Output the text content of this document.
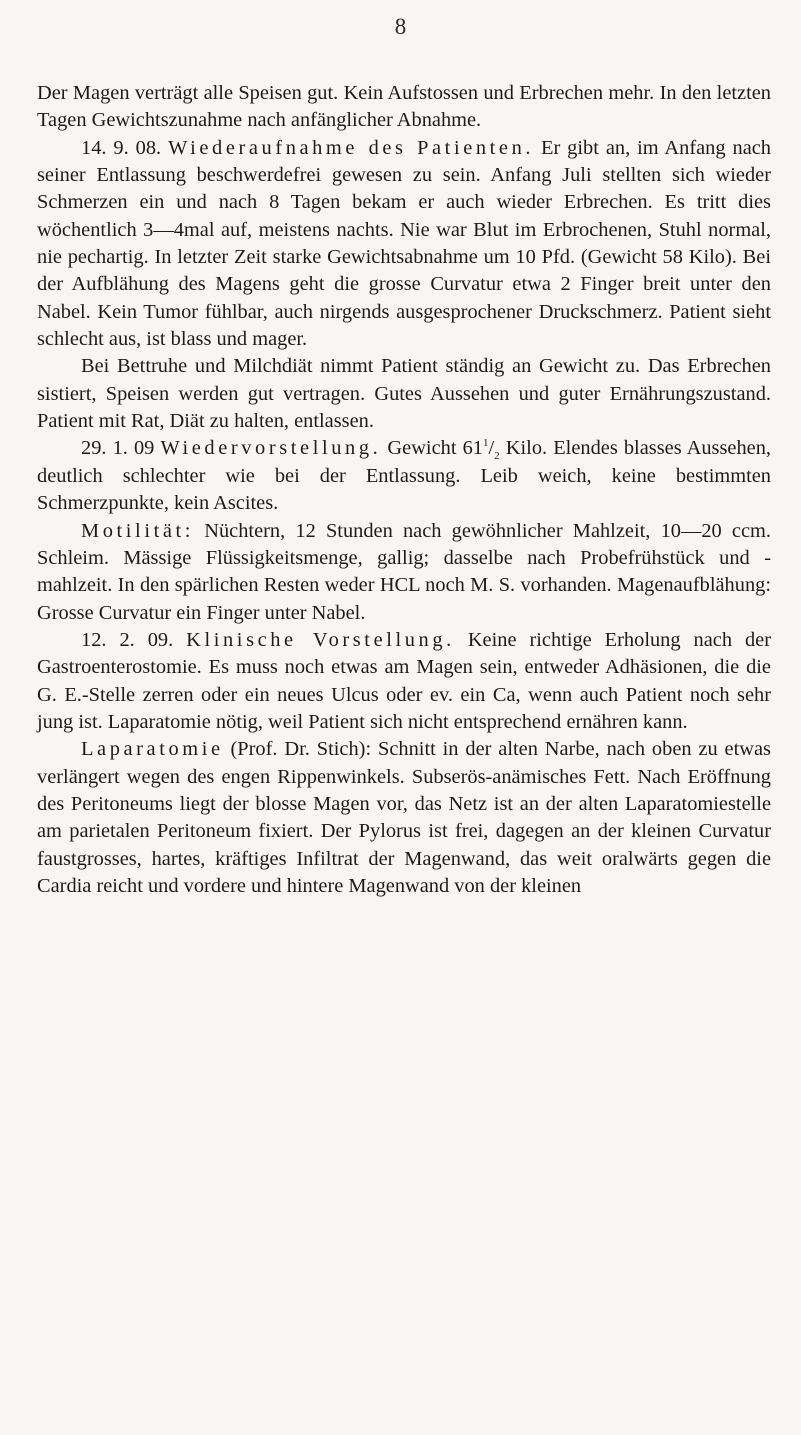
8

Der Magen verträgt alle Speisen gut. Kein Aufstossen und Erbrechen mehr. In den letzten Tagen Gewichtszunahme nach anfänglicher Abnahme.

14. 9. 08. Wiederaufnahme des Patienten. Er gibt an, im Anfang nach seiner Entlassung beschwerdefrei gewesen zu sein. Anfang Juli stellten sich wieder Schmerzen ein und nach 8 Tagen bekam er auch wieder Erbrechen. Es tritt dies wöchentlich 3—4mal auf, meistens nachts. Nie war Blut im Erbrochenen, Stuhl normal, nie pechartig. In letzter Zeit starke Gewichtsabnahme um 10 Pfd. (Gewicht 58 Kilo). Bei der Aufblähung des Magens geht die grosse Curvatur etwa 2 Finger breit unter den Nabel. Kein Tumor fühlbar, auch nirgends ausgesprochener Druckschmerz. Patient sieht schlecht aus, ist blass und mager.

Bei Bettruhe und Milchdiät nimmt Patient ständig an Gewicht zu. Das Erbrechen sistiert, Speisen werden gut vertragen. Gutes Aussehen und guter Ernährungszustand. Patient mit Rat, Diät zu halten, entlassen.

29. 1. 09 Wiedervorstellung. Gewicht $61^1/_2$ Kilo. Elendes blasses Aussehen, deutlich schlechter wie bei der Entlassung. Leib weich, keine bestimmten Schmerzpunkte, kein Ascites.

Motilität: Nüchtern, 12 Stunden nach gewöhnlicher Mahlzeit, 10—20 ccm. Schleim. Mässige Flüssigkeitsmenge, gallig; dasselbe nach Probefrühstück und -mahlzeit. In den spärlichen Resten weder HCL noch M. S. vorhanden. Magenaufblähung: Grosse Curvatur ein Finger unter Nabel.

12. 2. 09. Klinische Vorstellung. Keine richtige Erholung nach der Gastroenterostomie. Es muss noch etwas am Magen sein, entweder Adhäsionen, die die G. E.-Stelle zerren oder ein neues Ulcus oder ev. ein Ca, wenn auch Patient noch sehr jung ist. Laparatomie nötig, weil Patient sich nicht entsprechend ernähren kann.

Laparatomie (Prof. Dr. Stich): Schnitt in der alten Narbe, nach oben zu etwas verlängert wegen des engen Rippenwinkels. Subserös-anämisches Fett. Nach Eröffnung des Peritoneums liegt der blosse Magen vor, das Netz ist an der alten Laparatomiestelle am parietalen Peritoneum fixiert. Der Pylorus ist frei, dagegen an der kleinen Curvatur faustgrosses, hartes, kräftiges Infiltrat der Magenwand, das weit oralwärts gegen die Cardia reicht und vordere und hintere Magenwand von der kleinen
